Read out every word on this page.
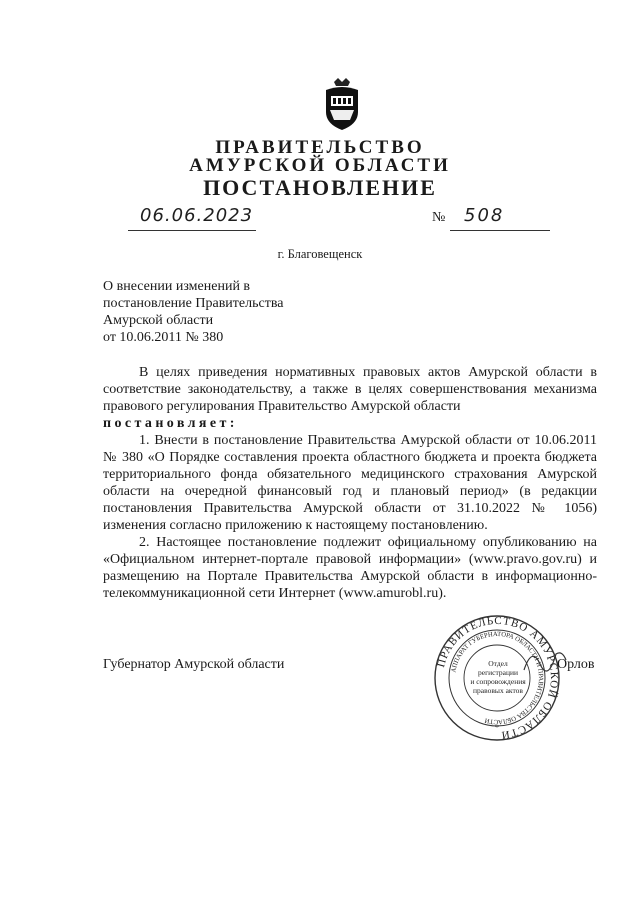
ПРАВИТЕЛЬСТВО
АМУРСКОЙ ОБЛАСТИ
ПОСТАНОВЛЕНИЕ
06.06.2023	№ 508
г. Благовещенск
О внесении изменений в
постановление Правительства
Амурской области
от 10.06.2011 № 380

В целях приведения нормативных правовых актов Амурской области в соответствие законодательству, а также в целях совершенствования механизма правового регулирования Правительство Амурской области

постановляет:

1. Внести в постановление Правительства Амурской области от 10.06.2011 № 380 «О Порядке составления проекта областного бюджета и проекта бюджета территориального фонда обязательного медицинского страхования Амурской области на очередной финансовый год и плановый период» (в редакции постановления Правительства Амурской области от 31.10.2022 № 1056) изменения согласно приложению к настоящему постановлению.

2. Настоящее постановление подлежит официальному опубликованию на «Официальном интернет-портале правовой информации» (www.pravo.gov.ru) и размещению на Портале Правительства Амурской области в информационно-телекоммуникационной сети Интернет (www.amurobl.ru).

Губернатор Амурской области	ПРАВИТЕЛЬСТВО АМУРСКОЙ ОБЛАСТИ
АППАРАТ ГУБЕРНАТОРА ОБЛАСТИ И ПРАВИТЕЛЬСТВА ОБЛАСТИ
*
Отдел
регистрации
и сопровождения
правовых актов
Орлов
